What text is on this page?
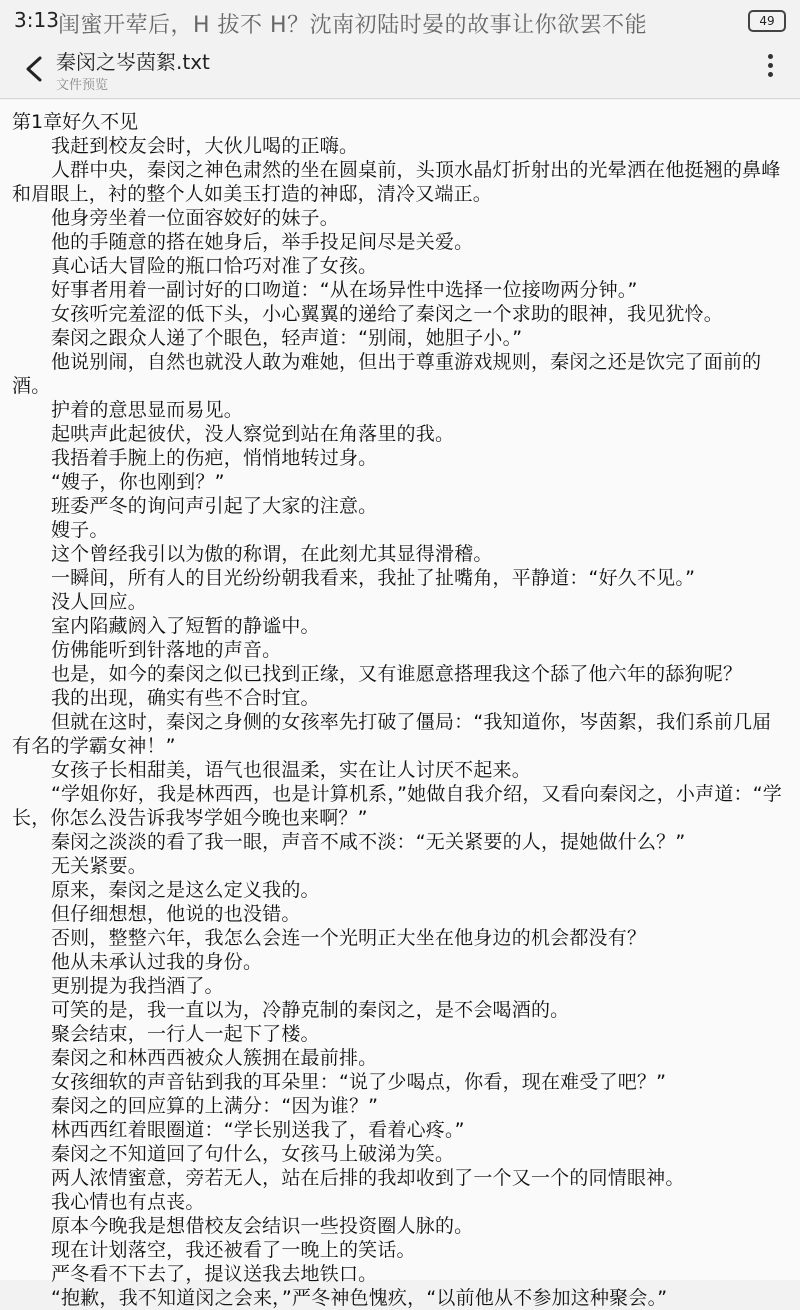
3:13 闺蜜开荤后，H 拔不 H？沈南初陆时晏的故事让你欲罢不能	49
秦闵之岑茵絮.txt
文件预览

第1章好久不见

我赶到校友会时，大伙儿喝的正嗨。

人群中央，秦闵之神色肃然的坐在圆桌前，头顶水晶灯折射出的光晕洒在他挺翘的鼻峰和眉眼上，衬的整个人如美玉打造的神邸，清冷又端正。

他身旁坐着一位面容姣好的妹子。

他的手随意的搭在她身后，举手投足间尽是关爱。

真心话大冒险的瓶口恰巧对准了女孩。

好事者用着一副讨好的口吻道：“从在场异性中选择一位接吻两分钟。”

女孩听完羞涩的低下头，小心翼翼的递给了秦闵之一个求助的眼神，我见犹怜。

秦闵之跟众人递了个眼色，轻声道：“别闹，她胆子小。”

他说别闹，自然也就没人敢为难她，但出于尊重游戏规则，秦闵之还是饮完了面前的酒。

护着的意思显而易见。

起哄声此起彼伏，没人察觉到站在角落里的我。

我捂着手腕上的伤疤，悄悄地转过身。

“嫂子，你也刚到？”

班委严冬的询问声引起了大家的注意。

嫂子。

这个曾经我引以为傲的称谓，在此刻尤其显得滑稽。

一瞬间，所有人的目光纷纷朝我看来，我扯了扯嘴角，平静道：“好久不见。”

没人回应。

室内陷藏阏入了短暂的静谧中。

仿佛能听到针落地的声音。

也是，如今的秦闵之似已找到正缘，又有谁愿意搭理我这个舔了他六年的舔狗呢？

我的出现，确实有些不合时宜。

但就在这时，秦闵之身侧的女孩率先打破了僵局：“我知道你，岑茵絮，我们系前几届有名的学霸女神！”

女孩子长相甜美，语气也很温柔，实在让人讨厌不起来。

“学姐你好，我是林西西，也是计算机系，”她做自我介绍，又看向秦闵之，小声道：“学长，你怎么没告诉我岑学姐今晚也来啊？”

秦闵之淡淡的看了我一眼，声音不咸不淡：“无关紧要的人，提她做什么？”

无关紧要。

原来，秦闵之是这么定义我的。

但仔细想想，他说的也没错。

否则，整整六年，我怎么会连一个光明正大坐在他身边的机会都没有？

他从未承认过我的身份。

更别提为我挡酒了。

可笑的是，我一直以为，冷静克制的秦闵之，是不会喝酒的。

聚会结束，一行人一起下了楼。

秦闵之和林西西被众人簇拥在最前排。

女孩细软的声音钻到我的耳朵里：“说了少喝点，你看，现在难受了吧？”

秦闵之的回应算的上满分：“因为谁？”

林西西红着眼圈道：“学长别送我了，看着心疼。”

秦闵之不知道回了句什么，女孩马上破涕为笑。

两人浓情蜜意，旁若无人，站在后排的我却收到了一个又一个的同情眼神。

我心情也有点丧。

原本今晚我是想借校友会结识一些投资圈人脉的。

现在计划落空，我还被看了一晚上的笑话。

严冬看不下去了，提议送我去地铁口。

“抱歉，我不知道闵之会来，”严冬神色愧疚，“以前他从不参加这种聚会。”
